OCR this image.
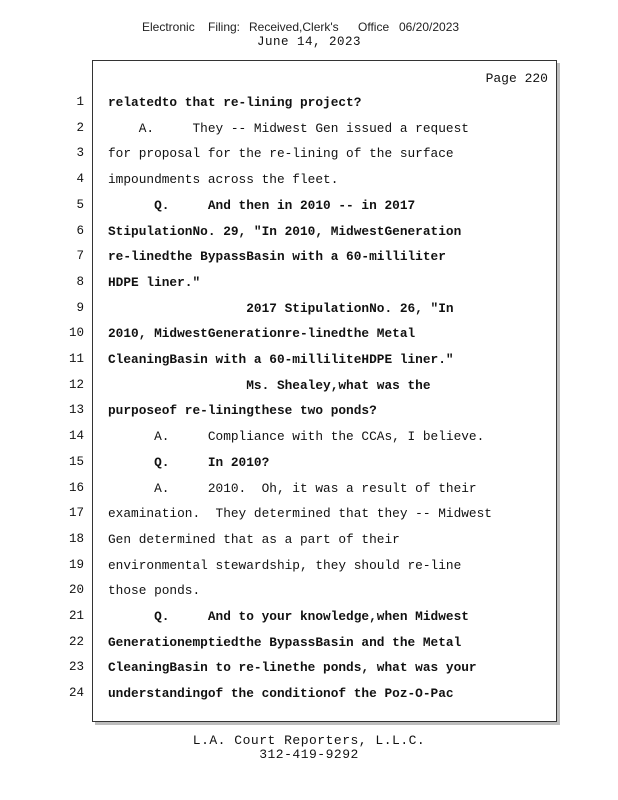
Electronic Filing: Received,Clerk's Office 06/20/2023
June 14, 2023
Page 220
1 relatedto that re-lining project?
2 A.     They -- Midwest Gen issued a request
3 for proposal for the re-lining of the surface
4 impoundments across the fleet.
5 Q.     And then in 2010 -- in 2017
6 StipulationNo. 29, "In 2010, MidwestGeneration
7 re-linedthe BypassBasin with a 60-milliliter
8 HDPE liner."
9 2017 StipulationNo. 26, "In
10 2010, MidwestGenerationre-linedthe Metal
11 CleaningBasin with a 60-milliliteHDPE liner."
12 Ms. Shealey,what was the
13 purposeof re-liningthese two ponds?
14 A.     Compliance with the CCAs, I believe.
15 Q.     In 2010?
16 A.     2010.  Oh, it was a result of their
17 examination.  They determined that they -- Midwest
18 Gen determined that as a part of their
19 environmental stewardship, they should re-line
20 those ponds.
21 Q.     And to your knowledge,when Midwest
22 Generationemptiedthe BypassBasin and the Metal
23 CleaningBasin to re-linethe ponds, what was your
24 understandingof the conditionof the Poz-O-Pac
L.A. Court Reporters, L.L.C.
312-419-9292
